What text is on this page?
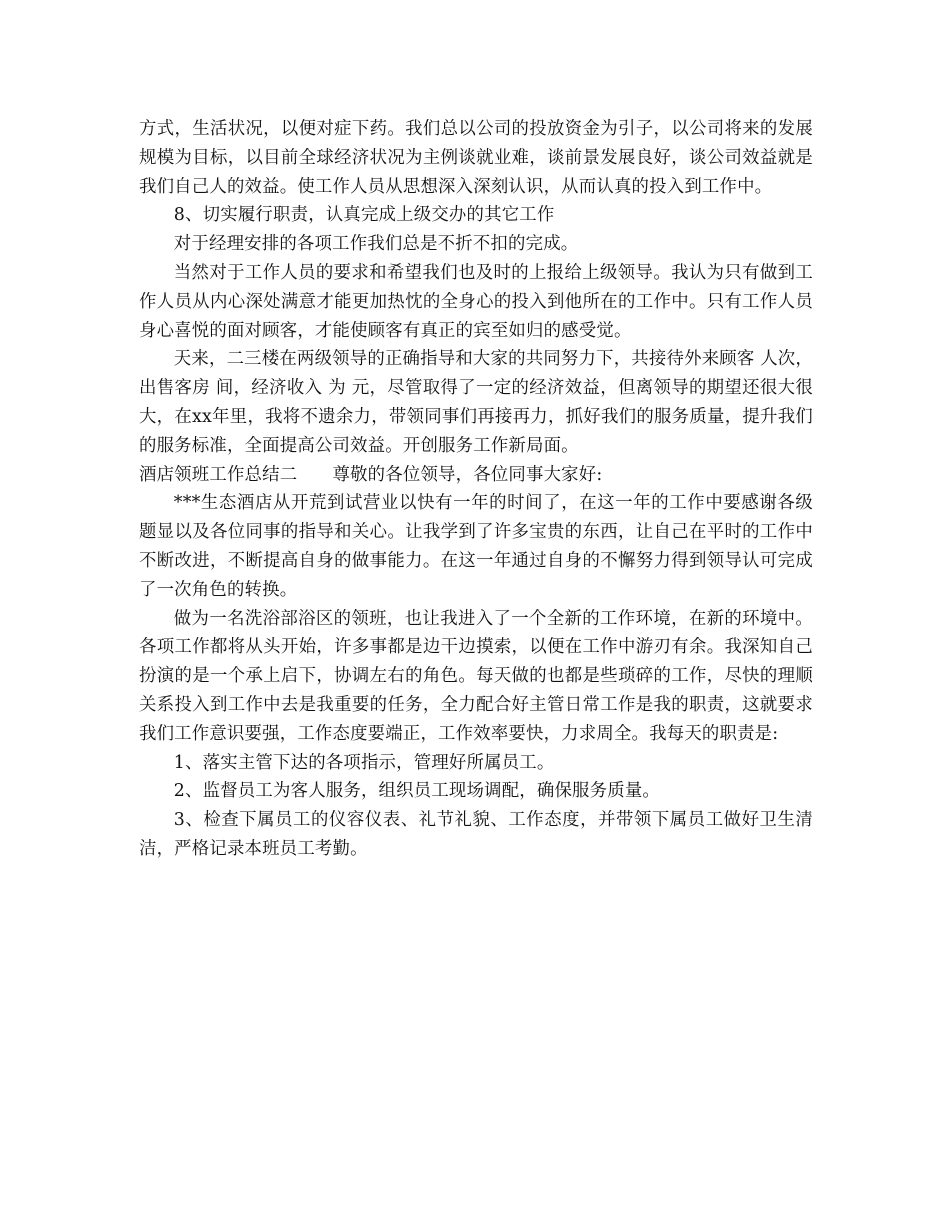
方式，生活状况，以便对症下药。我们总以公司的投放资金为引子，以公司将来的发展规模为目标，以目前全球经济状况为主例谈就业难，谈前景发展良好，谈公司效益就是我们自己人的效益。使工作人员从思想深入深刻认识，从而认真的投入到工作中。

8、切实履行职责，认真完成上级交办的其它工作

对于经理安排的各项工作我们总是不折不扣的完成。

当然对于工作人员的要求和希望我们也及时的上报给上级领导。我认为只有做到工作人员从内心深处满意才能更加热忱的全身心的投入到他所在的工作中。只有工作人员身心喜悦的面对顾客，才能使顾客有真正的宾至如归的感受觉。

天来，二三楼在两级领导的正确指导和大家的共同努力下，共接待外来顾客 人次，出售客房 间，经济收入 为 元，尽管取得了一定的经济效益，但离领导的期望还很大很大，在xx年里，我将不遗余力，带领同事们再接再力，抓好我们的服务质量，提升我们的服务标准，全面提高公司效益。开创服务工作新局面。

酒店领班工作总结二　　尊敬的各位领导，各位同事大家好:

***生态酒店从开荒到试营业以快有一年的时间了，在这一年的工作中要感谢各级题显以及各位同事的指导和关心。让我学到了许多宝贵的东西，让自己在平时的工作中不断改进，不断提高自身的做事能力。在这一年通过自身的不懈努力得到领导认可完成了一次角色的转换。

做为一名洗浴部浴区的领班，也让我进入了一个全新的工作环境，在新的环境中。各项工作都将从头开始，许多事都是边干边摸索，以便在工作中游刃有余。我深知自己扮演的是一个承上启下，协调左右的角色。每天做的也都是些琐碎的工作，尽快的理顺关系投入到工作中去是我重要的任务，全力配合好主管日常工作是我的职责，这就要求我们工作意识要强，工作态度要端正，工作效率要快，力求周全。我每天的职责是:

1、落实主管下达的各项指示，管理好所属员工。

2、监督员工为客人服务，组织员工现场调配，确保服务质量。

3、检查下属员工的仪容仪表、礼节礼貌、工作态度，并带领下属员工做好卫生清洁，严格记录本班员工考勤。
